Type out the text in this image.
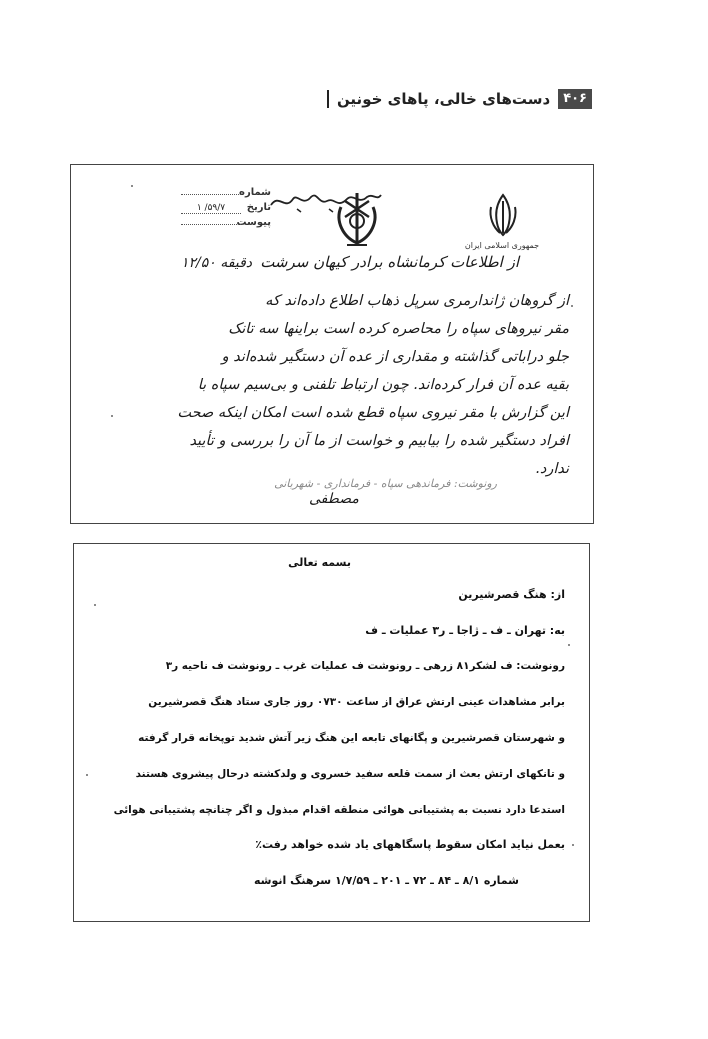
۴۰۶
دست‌های خالی، پاهای خونین
جمهوری اسلامی ایران
شماره
تاریخ
۵۹/۷/ ۱
پیوست
از اطلاعات کرمانشاه برادر کیهان سرشت
۱۲/۵۰ دقیقه
از گروهان ژاندارمری سرپل ذهاب اطلاع داده‌اند که
مقر نیروهای سپاه را محاصره کرده است براینها سه تانک
جلو دراباتی گذاشته و مقداری از عده آن دستگیر شده‌اند و
بقیه عده آن فرار کرده‌اند. چون ارتباط تلفنی و بی‌سیم سپاه با
این گزارش با مقر نیروی سپاه قطع شده است امکان اینکه صحت
افراد دستگیر شده را بیابیم و خواست از ما آن را بررسی و تأیید
ندارد.
رونوشت: فرماندهی سپاه - فرمانداری - شهربانی
مصطفی
بسمه تعالی
از: هنگ قصرشیرین
به: تهران ـ ف ـ ژاجا ـ ر۳ عملیات ـ ف
رونوشت: ف لشکر۸۱ زرهی ـ رونوشت ف عملیات غرب ـ رونوشت ف ناحیه ر۳
برابر مشاهدات عینی ارتش عراق از ساعت ۰۷۳۰ روز جاری ستاد هنگ قصرشیرین
و شهرستان قصرشیرین و پگانهای تابعه این هنگ زیر آتش شدید توپخانه قرار گرفته
و تانکهای ارتش بعث از سمت قلعه سفید خسروی و ولدکشته درحال پیشروی هستند
استدعا دارد نسبت به پشتیبانی هوائی منطقه اقدام مبذول و اگر چنانچه پشتیبانی هوائی
بعمل نیاید امکان سقوط پاسگاههای یاد شده خواهد رفت٪
شماره ۸/۱ ـ ۸۴ ـ ۷۲ ـ ۲۰۱ ـ ۱/۷/۵۹ سرهنگ انوشه
